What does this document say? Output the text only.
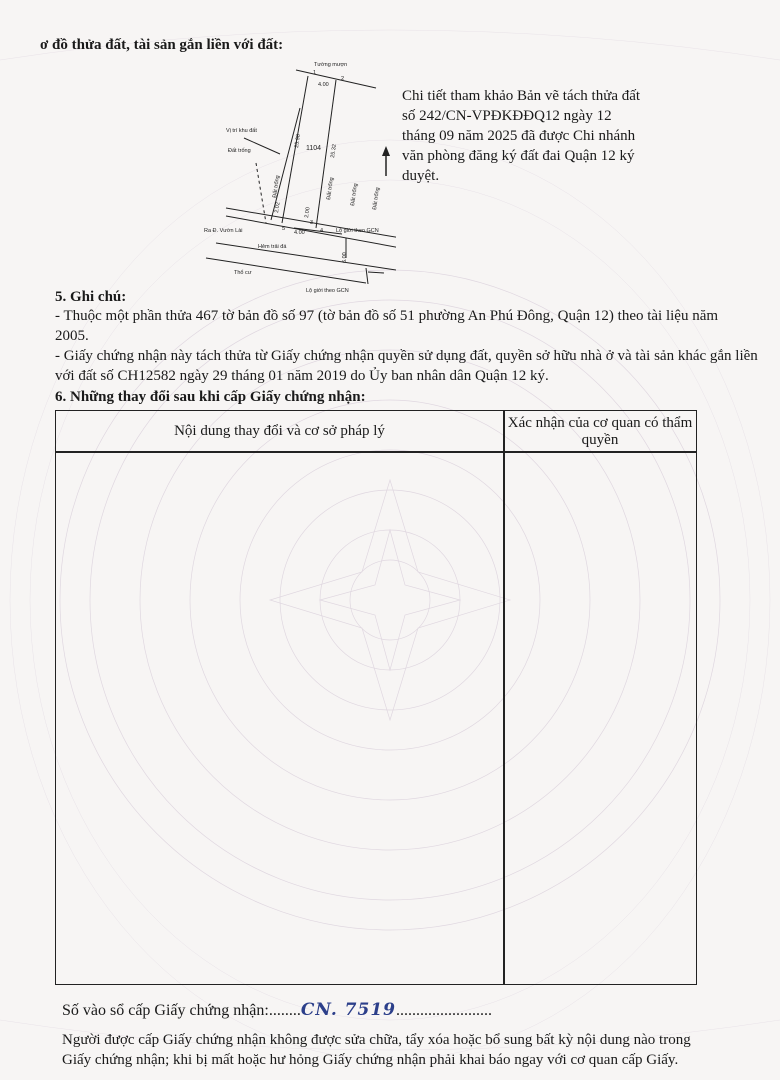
ơ đồ thửa đất, tài sản gắn liền với đất:
Tường mượn
1
2
3
4
5
Vị trí khu đất
Đất trống	1104
4.00
4.00
25.98
25.32
2.02	2.00
6.00
Đất trống	Đất trống	Đất trống Đất trống
Ra Đ. Vườn Lài
Hẻm trải đá
Lộ giới theo GCN
Thổ cư
Lộ giới theo GCN
Chi tiết tham khảo Bản vẽ tách thửa đất số 242/CN-VPĐKĐĐQ12 ngày 12 tháng 09 năm 2025 đã được Chi nhánh văn phòng đăng ký đất đai Quận 12 ký duyệt.
5. Ghi chú:
- Thuộc một phần thửa 467 tờ bản đồ số 97 (tờ bản đồ số 51 phường An Phú Đông, Quận 12) theo tài liệu năm 2005.
- Giấy chứng nhận này tách thửa từ Giấy chứng nhận quyền sử dụng đất, quyền sở hữu nhà ở và tài sản khác gắn liền với đất số CH12582 ngày 29 tháng 01 năm 2019 do Ủy ban nhân dân Quận 12 ký.
6. Những thay đổi sau khi cấp Giấy chứng nhận:
Nội dung thay đổi và cơ sở pháp lý	Xác nhận của cơ quan có thẩm quyền
Số vào sổ cấp Giấy chứng nhận:........CN. 7519........................
Người được cấp Giấy chứng nhận không được sửa chữa, tẩy xóa hoặc bổ sung bất kỳ nội dung nào trong
Giấy chứng nhận; khi bị mất hoặc hư hỏng Giấy chứng nhận phải khai báo ngay với cơ quan cấp Giấy.
